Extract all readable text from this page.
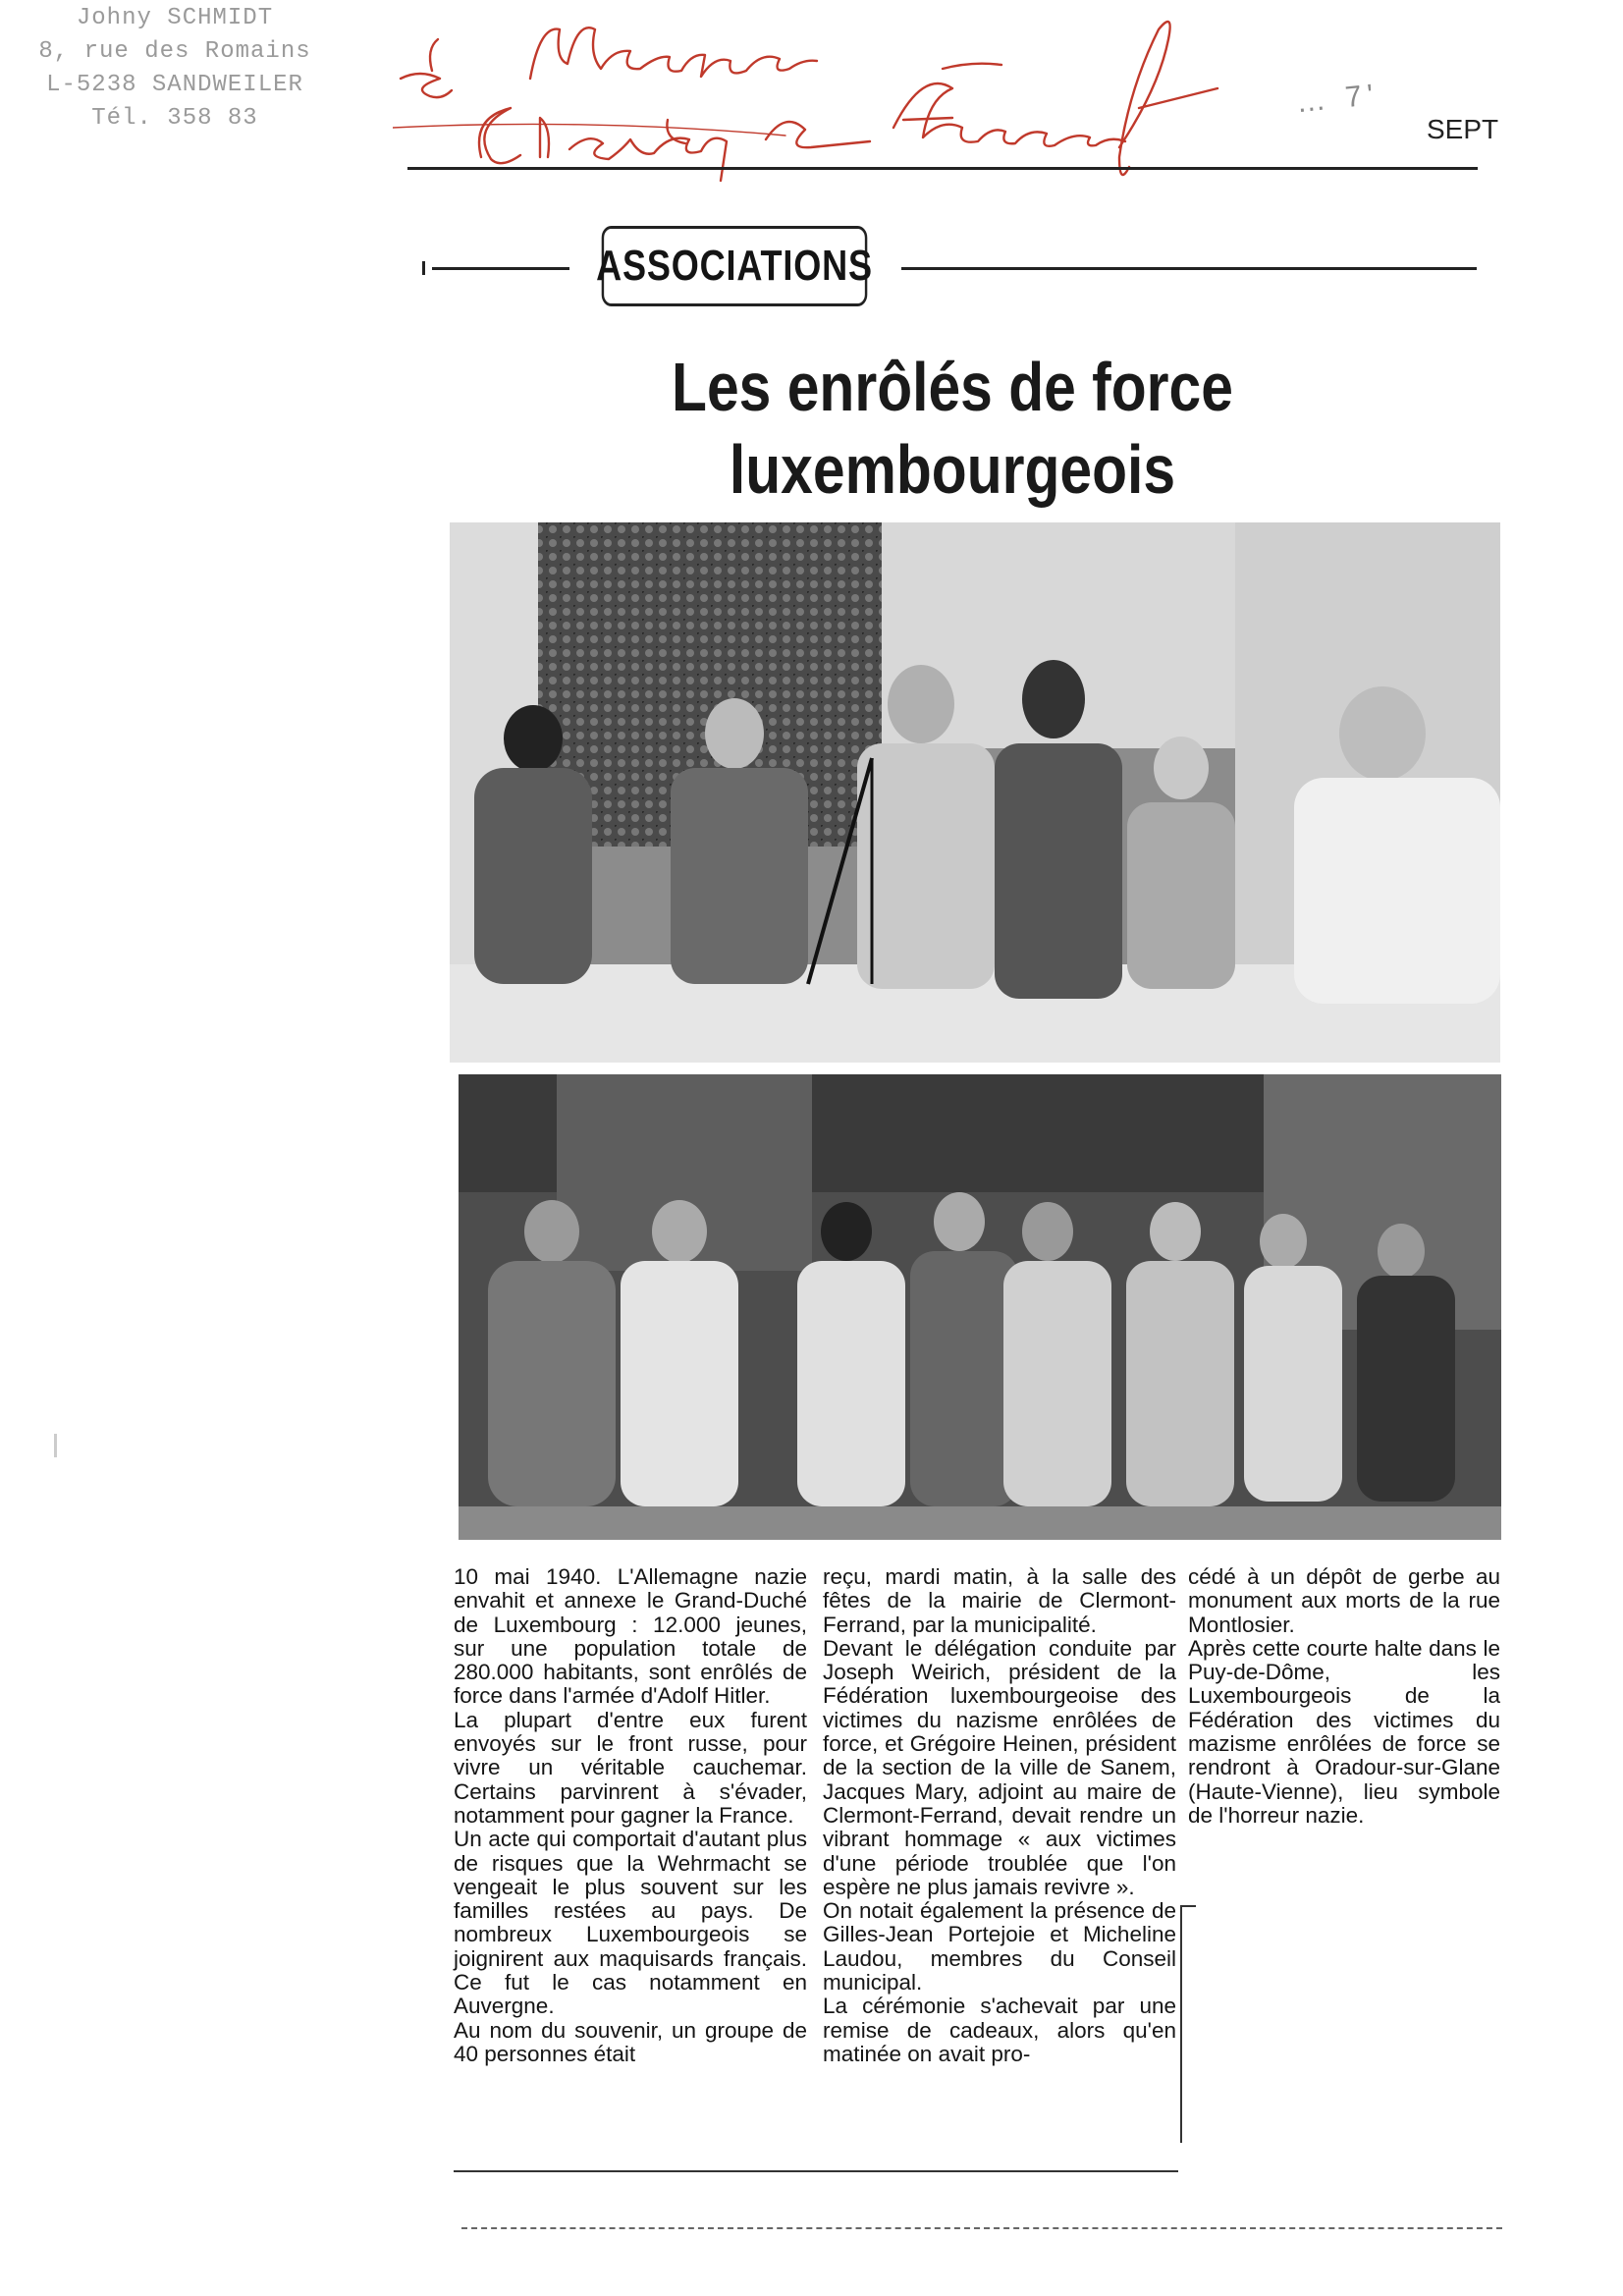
Johny SCHMIDT
8, rue des Romains
L-5238 SANDWEILER
Tél. 358 83	… 7'
SEPT
ASSOCIATIONS
Les enrôlés de force luxembourgeois
10 mai 1940. L'Allemagne nazie envahit et annexe le Grand-Duché de Luxembourg : 12.000 jeunes, sur une population totale de 280.000 habitants, sont enrôlés de force dans l'armée d'Adolf Hitler.
La plupart d'entre eux furent envoyés sur le front russe, pour vivre un véritable cauchemar. Certains parvinrent à s'évader, notamment pour gagner la France.
Un acte qui comportait d'autant plus de risques que la Wehrmacht se vengeait le plus souvent sur les familles restées au pays. De nombreux Luxembourgeois se joignirent aux maquisards français. Ce fut le cas notamment en Auvergne.
Au nom du souvenir, un groupe de 40 personnes était
reçu, mardi matin, à la salle des fêtes de la mairie de Clermont-Ferrand, par la municipalité.
Devant le délégation conduite par Joseph Weirich, président de la Fédération luxembourgeoise des victimes du nazisme enrôlées de force, et Grégoire Heinen, président de la section de la ville de Sanem, Jacques Mary, adjoint au maire de Clermont-Ferrand, devait rendre un vibrant hommage « aux victimes d'une période troublée que l'on espère ne plus jamais revivre ».
On notait également la présence de Gilles-Jean Portejoie et Micheline Laudou, membres du Conseil municipal.
La cérémonie s'achevait par une remise de cadeaux, alors qu'en matinée on avait pro-
cédé à un dépôt de gerbe au monument aux morts de la rue Montlosier.
Après cette courte halte dans le Puy-de-Dôme, les Luxembourgeois de la Fédération des victimes du mazisme enrôlées de force se rendront à Oradour-sur-Glane (Haute-Vienne), lieu symbole de l'horreur nazie.
